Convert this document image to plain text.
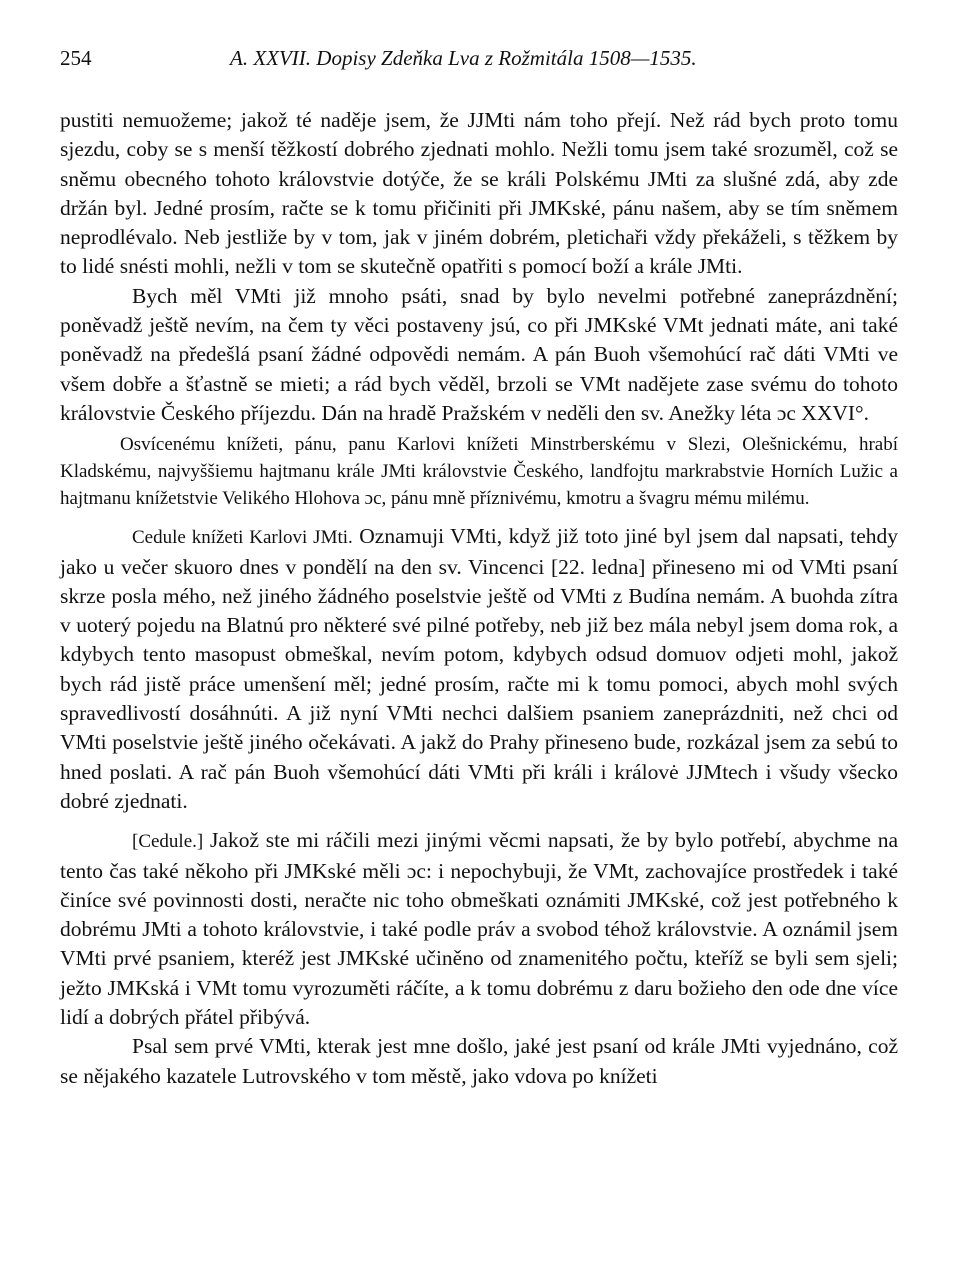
254	A. XXVII. Dopisy Zdeňka Lva z Rožmitála 1508—1535.

pustiti nemuožeme; jakož té naděje jsem, že JJMti nám toho přejí. Než rád bych proto tomu sjezdu, coby se s menší těžkostí dobrého zjednati mohlo. Nežli tomu jsem také srozuměl, což se sněmu obecného tohoto královstvie dotýče, že se králi Polskému JMti za slušné zdá, aby zde držán byl. Jedné prosím, račte se k tomu přičiniti při JMKské, pánu našem, aby se tím sněmem neprodlévalo. Neb jestliže by v tom, jak v jiném dobrém, pletichaři vždy překáželi, s těžkem by to lidé snésti mohli, nežli v tom se skutečně opatřiti s pomocí boží a krále JMti.

Bych měl VMti již mnoho psáti, snad by bylo nevelmi potřebné zaneprázdnění; poněvadž ještě nevím, na čem ty věci postaveny jsú, co při JMKské VMt jednati máte, ani také poněvadž na předešlá psaní žádné odpovědi nemám. A pán Buoh všemohúcí rač dáti VMti ve všem dobře a šťastně se mieti; a rád bych věděl, brzoli se VMt nadějete zase svému do tohoto královstvie Českého příjezdu. Dán na hradě Pražském v neděli den sv. Anežky léta ɔc XXVI°.

Osvícenému knížeti, pánu, panu Karlovi knížeti Minstrberskému v Slezi, Olešnickému, hrabí Kladskému, najvyššiemu hajtmanu krále JMti královstvie Českého, landfojtu markrabstvie Horních Lužic a hajtmanu knížetstvie Velikého Hlohova ɔc, pánu mně příznivému, kmotru a švagru mému milému.

Cedule knížeti Karlovi JMti. Oznamuji VMti, když již toto jiné byl jsem dal napsati, tehdy jako u večer skuoro dnes v pondělí na den sv. Vincenci [22. ledna] přineseno mi od VMti psaní skrze posla mého, než jiného žádného poselstvie ještě od VMti z Budína nemám. A buohda zítra v uoterý pojedu na Blatnú pro některé své pilné potřeby, neb již bez mála nebyl jsem doma rok, a kdybych tento masopust obmeškal, nevím potom, kdybych odsud domuov odjeti mohl, jakož bych rád jistě práce umenšení měl; jedné prosím, račte mi k tomu pomoci, abych mohl svých spravedlivostí dosáhnúti. A již nyní VMti nechci dalšiem psaniem zaneprázdniti, než chci od VMti poselstvie ještě jiného očekávati. A jakž do Prahy přineseno bude, rozkázal jsem za sebú to hned poslati. A rač pán Buoh všemohúcí dáti VMti při králi i královė JJMtech i všudy všecko dobré zjednati.

[Cedule.] Jakož ste mi ráčili mezi jinými věcmi napsati, že by bylo potřebí, abychme na tento čas také někoho při JMKské měli ɔc: i nepochybuji, že VMt, zachovajíce prostředek i také činíce své povinnosti dosti, neračte nic toho obmeškati oznámiti JMKské, což jest potřebného k dobrému JMti a tohoto královstvie, i také podle práv a svobod téhož královstvie. A oznámil jsem VMti prvé psaniem, kteréž jest JMKské učiněno od znamenitého počtu, kteříž se byli sem sjeli; ježto JMKská i VMt tomu vyrozuměti ráčíte, a k tomu dobrému z daru božieho den ode dne více lidí a dobrých přátel přibývá.

Psal sem prvé VMti, kterak jest mne došlo, jaké jest psaní od krále JMti vyjednáno, což se nějakého kazatele Lutrovského v tom městě, jako vdova po knížeti
